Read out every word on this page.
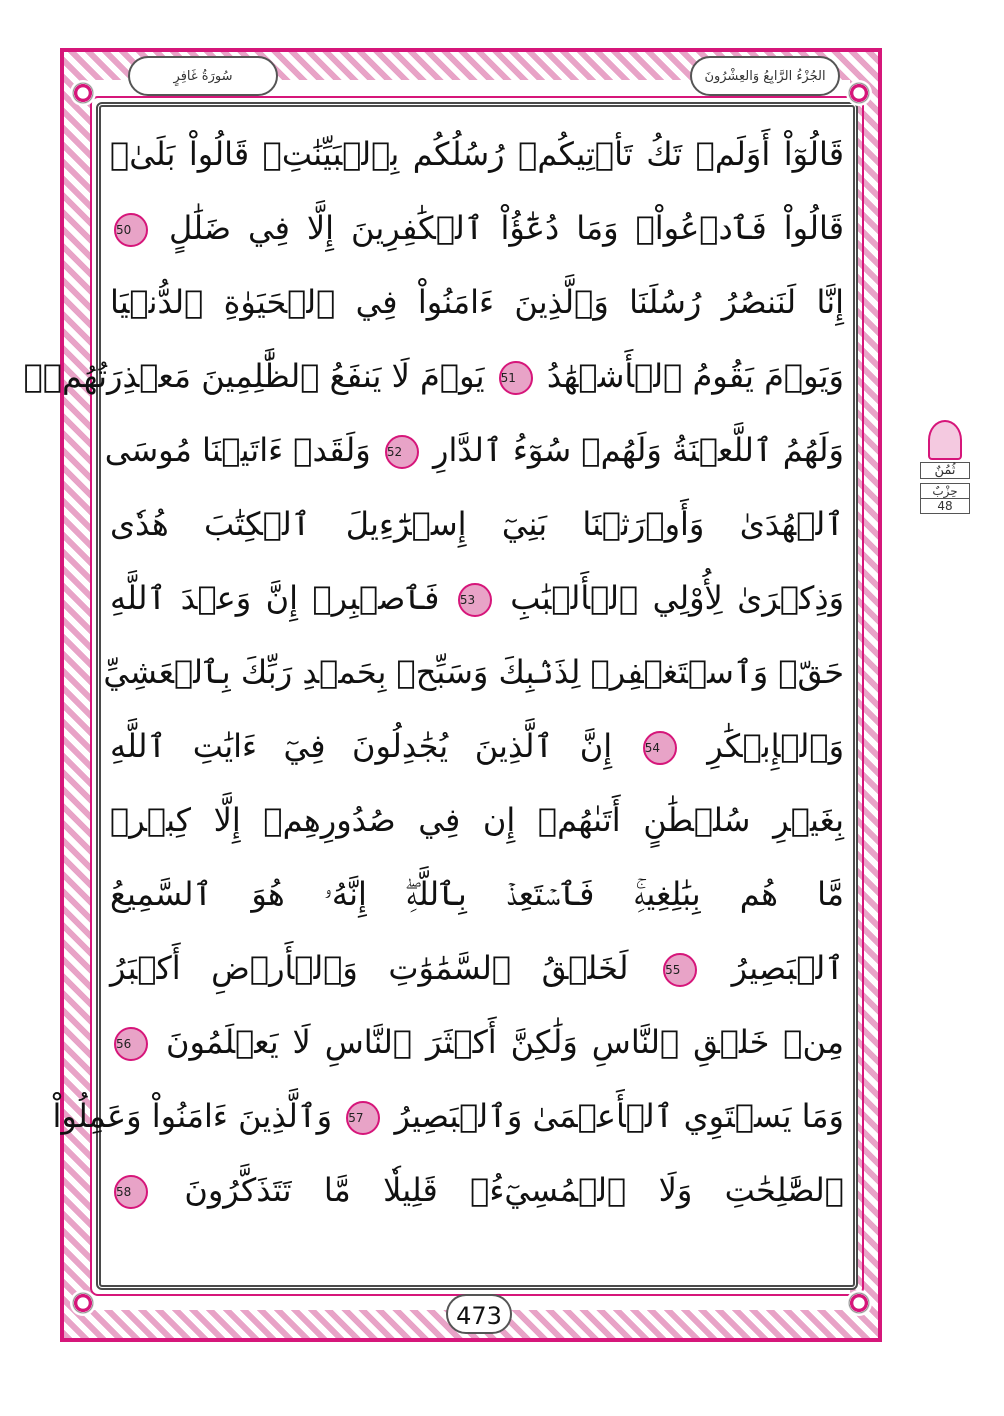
سُورَةُ غَافِرٍ	الجُزْءُ الرَّابِعُ وَالعِشْرُونَ
قَالُوٓاْ أَوَلَمۡ تَكُ تَأۡتِيكُمۡ رُسُلُكُم بِٱلۡبَيِّنَٰتِۖ قَالُواْ بَلَىٰۚ
قَالُواْ فَٱدۡعُواْۗ وَمَا دُعَٰٓؤُاْ ٱلۡكَٰفِرِينَ إِلَّا فِي ضَلَٰلٍ 50
إِنَّا لَنَنصُرُ رُسُلَنَا وَٱلَّذِينَ ءَامَنُواْ فِي ٱلۡحَيَوٰةِ ٱلدُّنۡيَا
وَيَوۡمَ يَقُومُ ٱلۡأَشۡهَٰدُ 51 يَوۡمَ لَا يَنفَعُ ٱلظَّٰلِمِينَ مَعۡذِرَتُهُمۡۖ
وَلَهُمُ ٱللَّعۡنَةُ وَلَهُمۡ سُوٓءُ ٱلدَّارِ 52 وَلَقَدۡ ءَاتَيۡنَا مُوسَى
ٱلۡهُدَىٰ وَأَوۡرَثۡنَا بَنِيٓ إِسۡرَٰٓءِيلَ ٱلۡكِتَٰبَ هُدٗى
وَذِكۡرَىٰ لِأُوْلِي ٱلۡأَلۡبَٰبِ 53 فَٱصۡبِرۡ إِنَّ وَعۡدَ ٱللَّهِ
حَقّٞ وَٱسۡتَغۡفِرۡ لِذَنۢبِكَ وَسَبِّحۡ بِحَمۡدِ رَبِّكَ بِٱلۡعَشِيِّ
وَٱلۡإِبۡكَٰرِ 54 إِنَّ ٱلَّذِينَ يُجَٰدِلُونَ فِيٓ ءَايَٰتِ ٱللَّهِ
بِغَيۡرِ سُلۡطَٰنٍ أَتَىٰهُمۡ إِن فِي صُدُورِهِمۡ إِلَّا كِبۡرٞ
مَّا هُم بِبَٰلِغِيهِۚ فَٱسۡتَعِذۡ بِٱللَّهِۖ إِنَّهُۥ هُوَ ٱلسَّمِيعُ
ٱلۡبَصِيرُ 55 لَخَلۡقُ ٱلسَّمَٰوَٰتِ وَٱلۡأَرۡضِ أَكۡبَرُ
مِنۡ خَلۡقِ ٱلنَّاسِ وَلَٰكِنَّ أَكۡثَرَ ٱلنَّاسِ لَا يَعۡلَمُونَ 56
وَمَا يَسۡتَوِي ٱلۡأَعۡمَىٰ وَٱلۡبَصِيرُ 57 وَٱلَّذِينَ ءَامَنُواْ وَعَمِلُواْ
ٱلصَّٰلِحَٰتِ وَلَا ٱلۡمُسِيٓءُۚ قَلِيلٗا مَّا تَتَذَكَّرُونَ 58
ثُمُنٌ
حِزْبٌ
48
473
